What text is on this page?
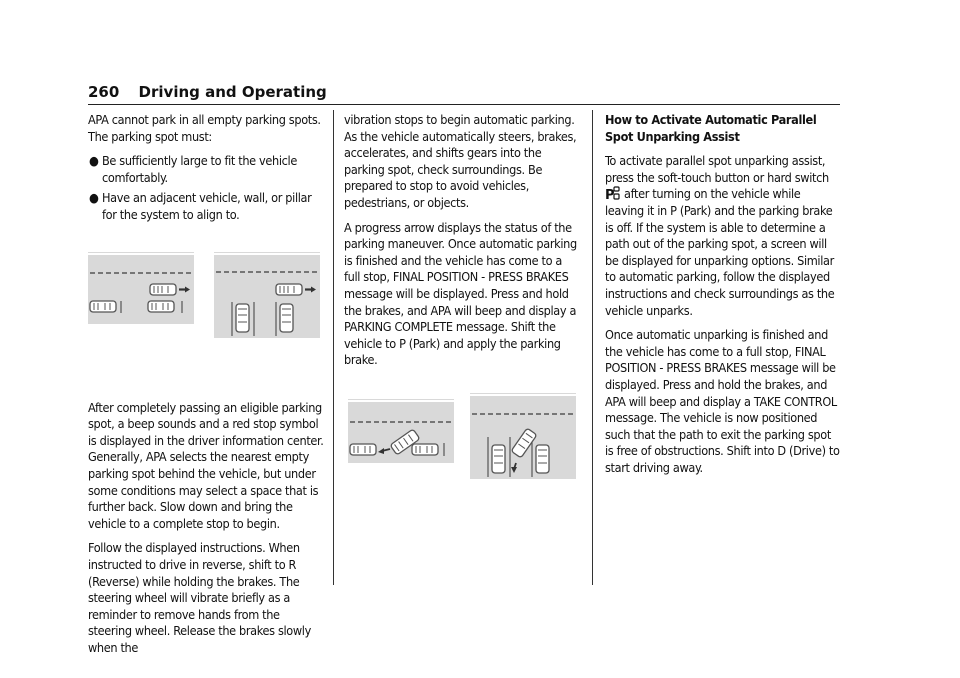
260 Driving and Operating

APA cannot park in all empty parking spots. The parking spot must:

● Be sufficiently large to fit the vehicle comfortably.
● Have an adjacent vehicle, wall, or pillar for the system to align to.

After completely passing an eligible parking spot, a beep sounds and a red stop symbol is displayed in the driver information center. Generally, APA selects the nearest empty parking spot behind the vehicle, but under some conditions may select a space that is further back. Slow down and bring the vehicle to a complete stop to begin.

Follow the displayed instructions. When instructed to drive in reverse, shift to R (Reverse) while holding the brakes. The steering wheel will vibrate briefly as a reminder to remove hands from the steering wheel. Release the brakes slowly when the

vibration stops to begin automatic parking. As the vehicle automatically steers, brakes, accelerates, and shifts gears into the parking spot, check surroundings. Be prepared to stop to avoid vehicles, pedestrians, or objects.

A progress arrow displays the status of the parking maneuver. Once automatic parking is finished and the vehicle has come to a full stop, FINAL POSITION - PRESS BRAKES message will be displayed. Press and hold the brakes, and APA will beep and display a PARKING COMPLETE message. Shift the vehicle to P (Park) and apply the parking brake.

How to Activate Automatic Parallel Spot Unparking Assist

To activate parallel spot unparking assist, press the soft-touch button or hard switch

P after turning on the vehicle while leaving it in P (Park) and the parking brake is off. If the system is able to determine a path out of the parking spot, a screen will be displayed for unparking options. Similar to automatic parking, follow the displayed instructions and check surroundings as the vehicle unparks.

Once automatic unparking is finished and the vehicle has come to a full stop, FINAL POSITION - PRESS BRAKES message will be displayed. Press and hold the brakes, and APA will beep and display a TAKE CONTROL message. The vehicle is now positioned such that the path to exit the parking spot is free of obstructions. Shift into D (Drive) to start driving away.
